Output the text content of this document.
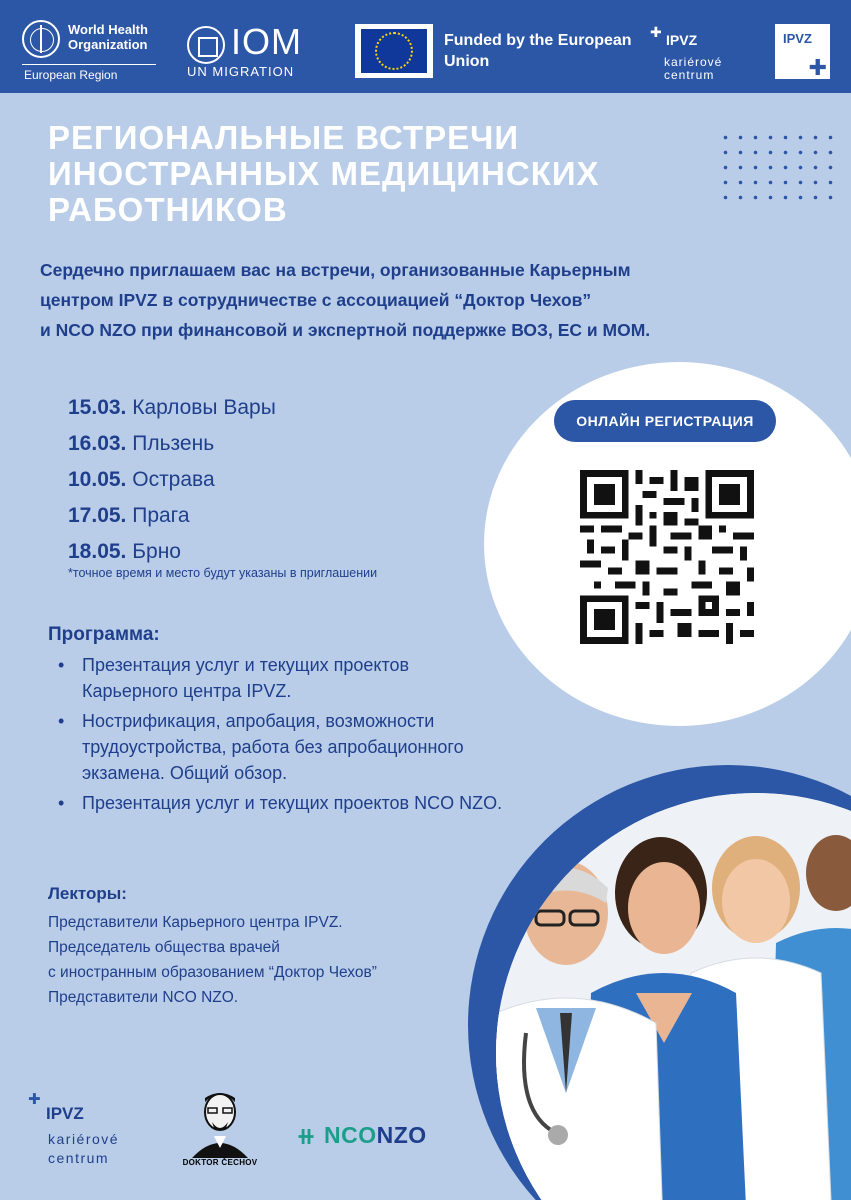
World Health Organization
European Region
IOM
UN MIGRATION
Funded by the European Union
✚ IPVZ
kariérové centrum
IPVZ
✚
РЕГИОНАЛЬНЫЕ ВСТРЕЧИ ИНОСТРАННЫХ МЕДИЦИНСКИХ РАБОТНИКОВ
Сердечно приглашаем вас на встречи, организованные Карьерным
центром IPVZ в сотрудничестве с ассоциацией “Доктор Чехов”
и NCO NZO при финансовой и экспертной поддержке ВОЗ, ЕС и МОМ.
15.03. Карловы Вары
16.03. Пльзень
10.05. Острава
17.05. Прага
18.05. Брно
*точное время и место будут указаны в приглашении
ОНЛАЙН РЕГИСТРАЦИЯ
Программа:
• Презентация услуг и текущих проектов Карьерного центра IPVZ.
• Нострификация, апробация, возможности трудоустройства, работа без апробационного экзамена. Общий обзор.
• Презентация услуг и текущих проектов NCO NZO.
Лекторы:
Представители Карьерного центра IPVZ.
Председатель общества врачей
с иностранным образованием “Доктор Чехов”
Представители NCO NZO.
✚
IPVZ
kariérové
centrum	DOKTOR ČECHOV
⧺ NCONZO
